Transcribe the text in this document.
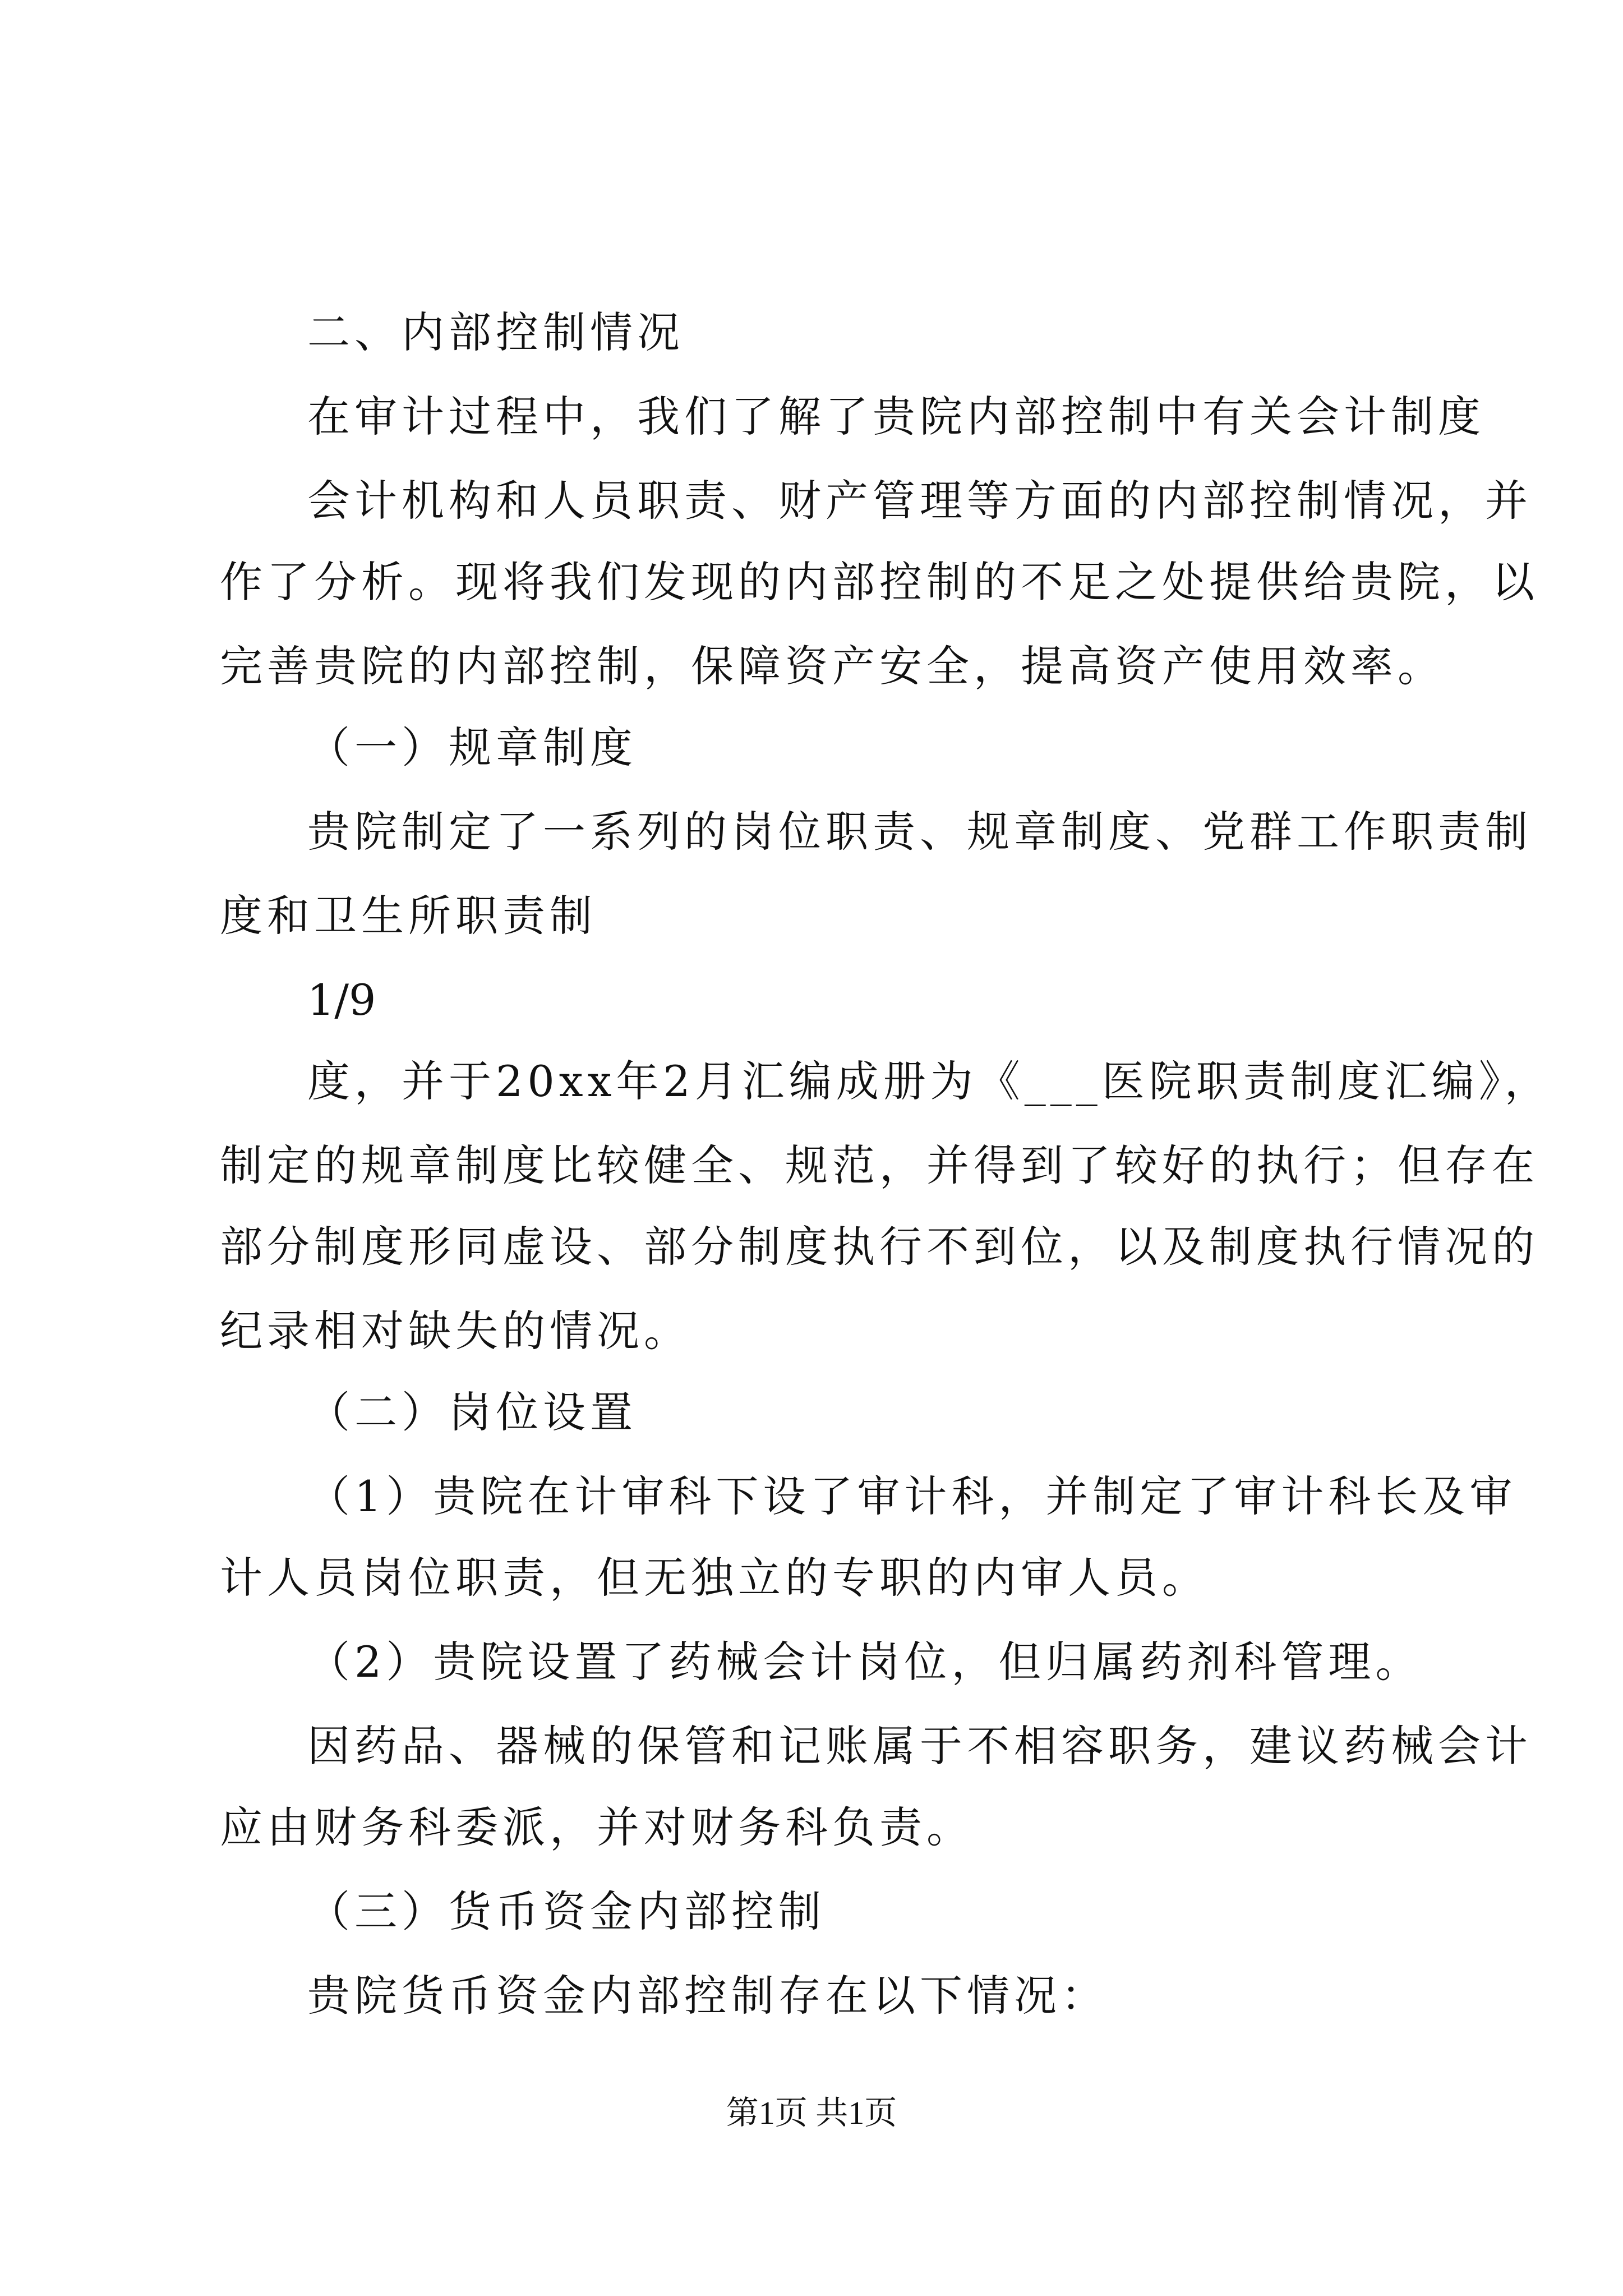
二、内部控制情况

在审计过程中，我们了解了贵院内部控制中有关会计制度

会计机构和人员职责、财产管理等方面的内部控制情况，并

作了分析。现将我们发现的内部控制的不足之处提供给贵院，以

完善贵院的内部控制，保障资产安全，提高资产使用效率。

（一）规章制度

贵院制定了一系列的岗位职责、规章制度、党群工作职责制

度和卫生所职责制

1/9

度，并于20xx年2月汇编成册为《___医院职责制度汇编》，

制定的规章制度比较健全、规范，并得到了较好的执行；但存在

部分制度形同虚设、部分制度执行不到位，以及制度执行情况的

纪录相对缺失的情况。

（二）岗位设置

（1）贵院在计审科下设了审计科，并制定了审计科长及审

计人员岗位职责，但无独立的专职的内审人员。

（2）贵院设置了药械会计岗位，但归属药剂科管理。

因药品、器械的保管和记账属于不相容职务，建议药械会计

应由财务科委派，并对财务科负责。

（三）货币资金内部控制

贵院货币资金内部控制存在以下情况：

第1页 共1页
